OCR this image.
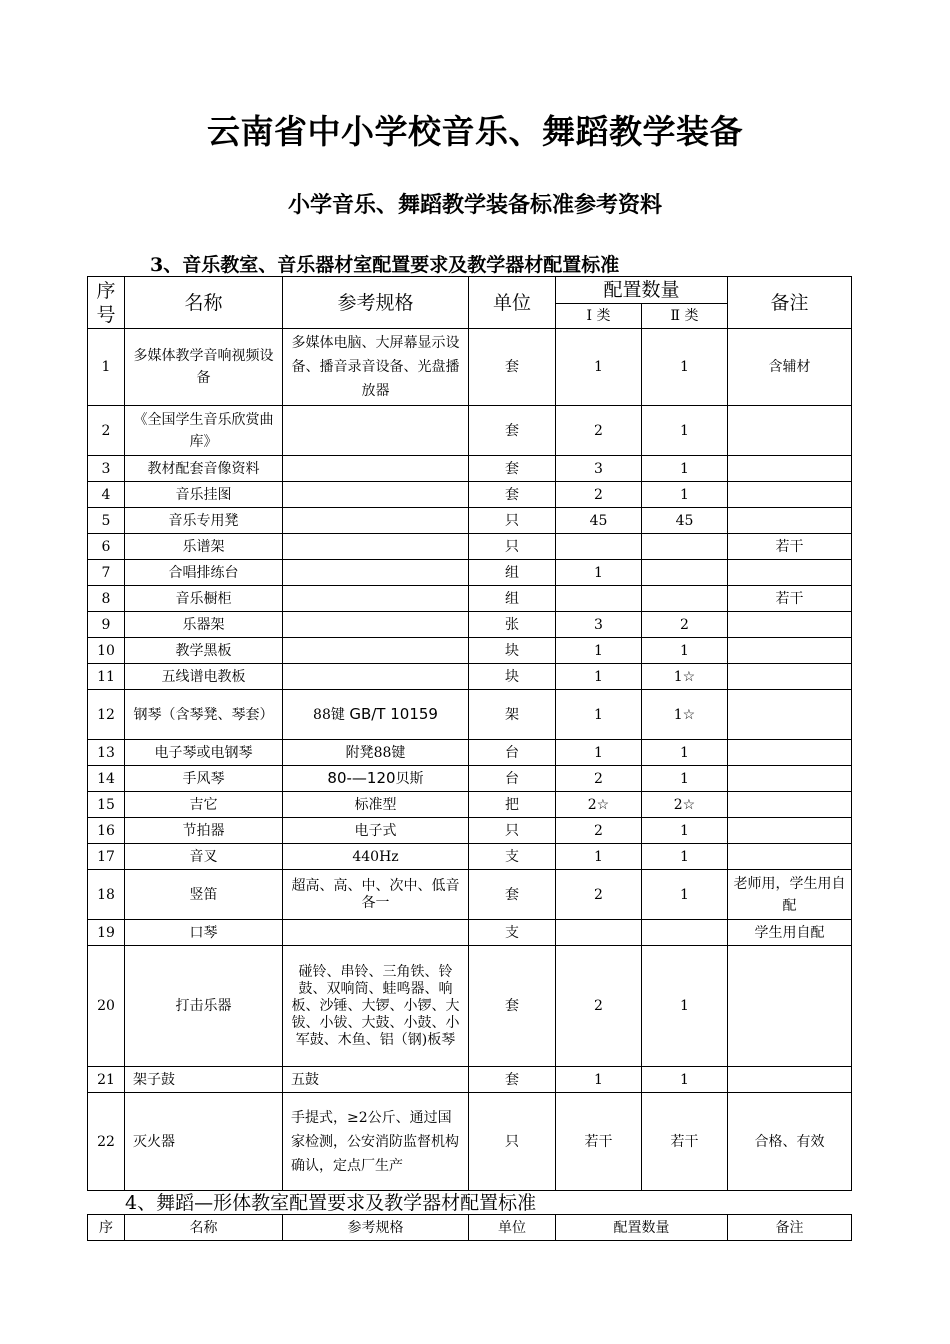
云南省中小学校音乐、舞蹈教学装备
小学音乐、舞蹈教学装备标准参考资料
3、音乐教室、音乐器材室配置要求及教学器材配置标准
序号	名称	参考规格	单位	配置数量		备注
				Ⅰ 类	Ⅱ 类	
1	多媒体教学音响视频设备	多媒体电脑、大屏幕显示设备、播音录音设备、光盘播放器	套	1	1	含辅材
2	《全国学生音乐欣赏曲库》		套	2	1	
3	教材配套音像资料		套	3	1	
4	音乐挂图		套	2	1	
5	音乐专用凳		只	45	45	
6	乐谱架		只			若干
7	合唱排练台		组	1		
8	音乐橱柜		组			若干
9	乐器架		张	3	2	
10	教学黑板		块	1	1	
11	五线谱电教板		块	1	1☆	
12	钢琴（含琴凳、琴套）	88键 GB/T 10159	架	1	1☆	
13	电子琴或电钢琴	附凳88键	台	1	1	
14	手风琴	80-—120贝斯	台	2	1	
15	吉它	标准型	把	2☆	2☆	
16	节拍器	电子式	只	2	1	
17	音叉	440Hz	支	1	1	
18	竖笛	超高、高、中、次中、低音各一	套	2	1	老师用，学生用自配
19	口琴		支			学生用自配
20	打击乐器	碰铃、串铃、三角铁、铃鼓、双响筒、蛙鸣器、响板、沙锤、大锣、小锣、大钹、小钹、大鼓、小鼓、小军鼓、木鱼、铝（钢)板琴	套	2	1	
21	架子鼓	五鼓	套	1	1	
22	灭火器	手提式，≥2公斤、通过国家检测，公安消防监督机构确认，定点厂生产	只	若干	若干	合格、有效
4、舞蹈—形体教室配置要求及教学器材配置标准
序	名称	参考规格	单位	配置数量	备注
